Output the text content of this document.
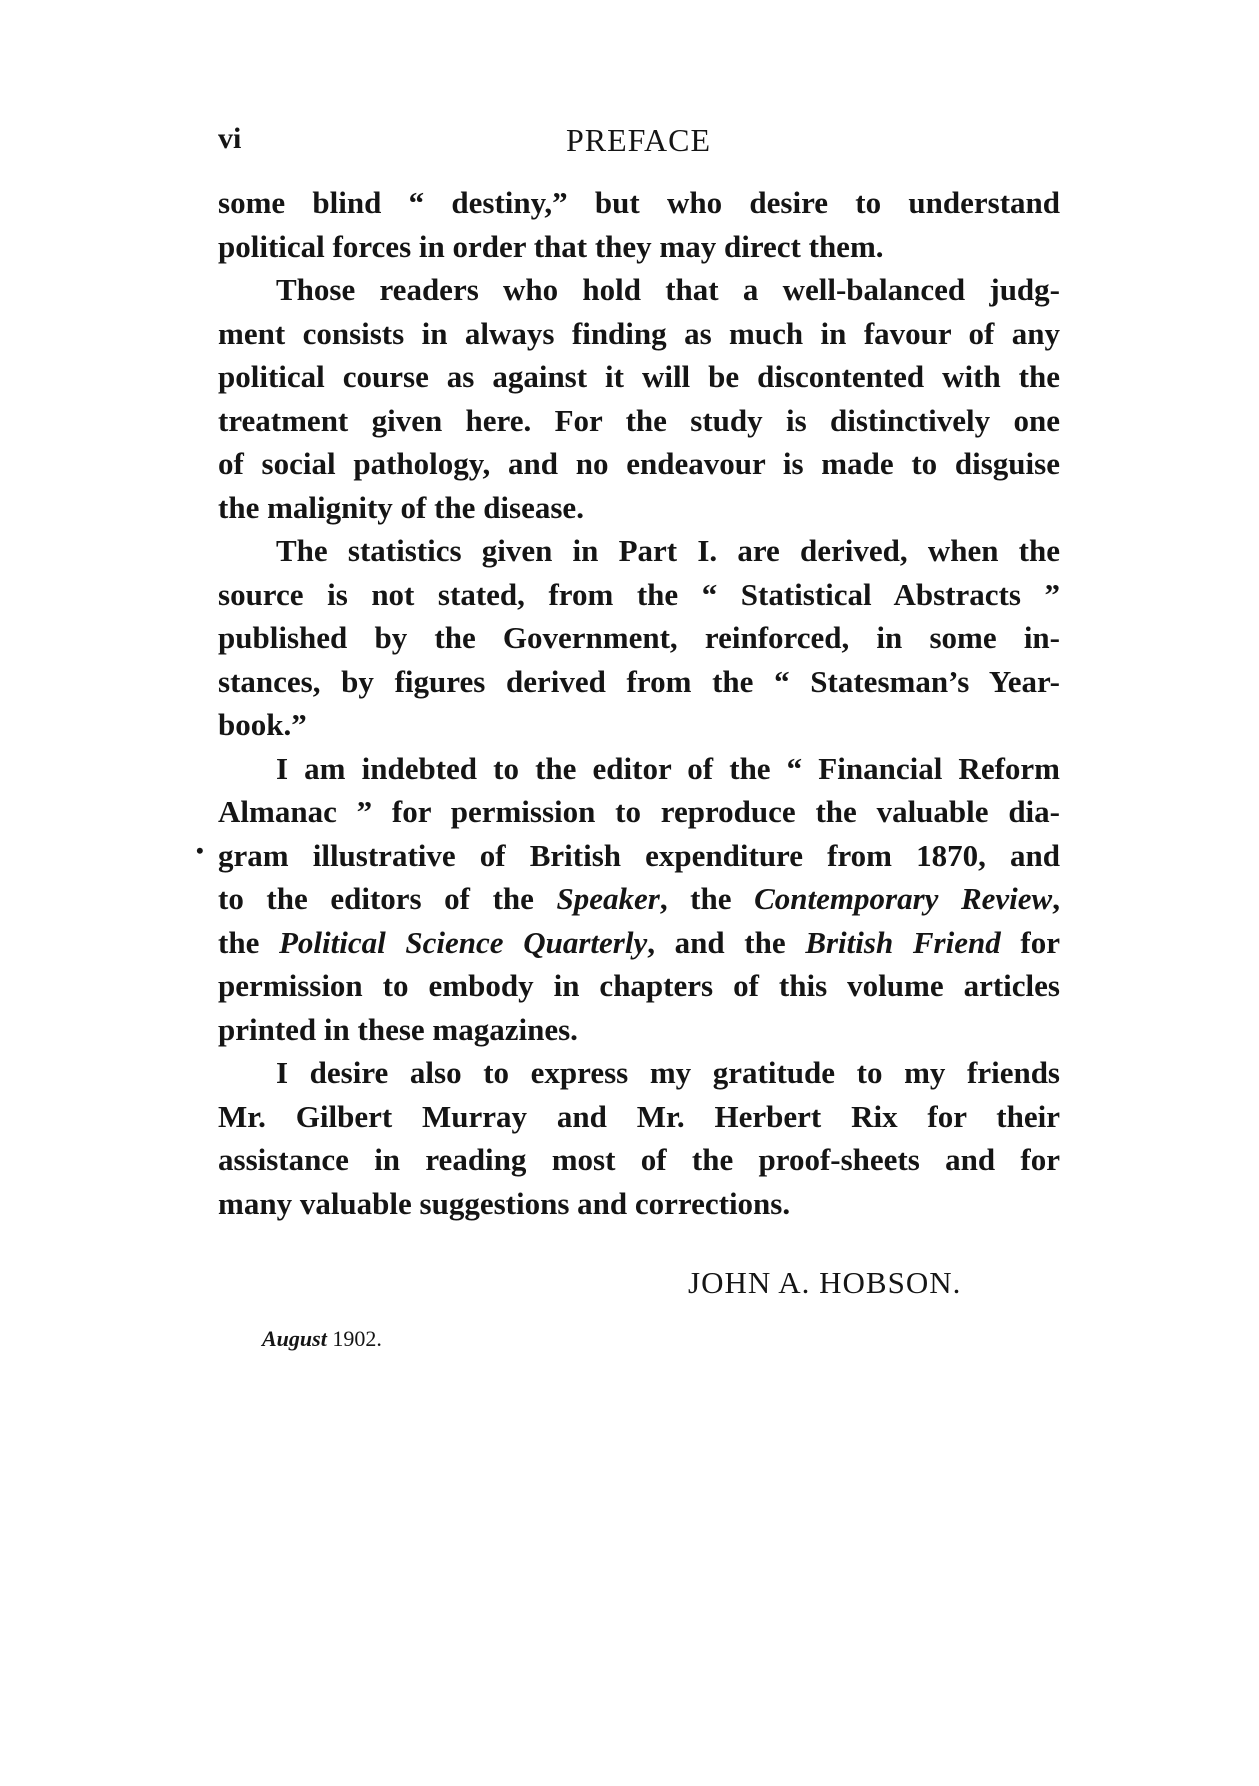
vi	PREFACE
some blind “ destiny,” but who desire to understand
political forces in order that they may direct them.
Those readers who hold that a well-balanced judg-
ment consists in always finding as much in favour of any
political course as against it will be discontented with the
treatment given here. For the study is distinctively one
of social pathology, and no endeavour is made to disguise
the malignity of the disease.
The statistics given in Part I. are derived, when the
source is not stated, from the “ Statistical Abstracts ”
published by the Government, reinforced, in some in-
stances, by figures derived from the “ Statesman’s Year-
book.”
I am indebted to the editor of the “ Financial Reform
Almanac ” for permission to reproduce the valuable dia-
gram illustrative of British expenditure from 1870, and
to the editors of the Speaker, the Contemporary Review,
the Political Science Quarterly, and the British Friend for
permission to embody in chapters of this volume articles
printed in these magazines.
I desire also to express my gratitude to my friends
Mr. Gilbert Murray and Mr. Herbert Rix for their
assistance in reading most of the proof-sheets and for
many valuable suggestions and corrections.
•
JOHN A. HOBSON.
August 1902.
